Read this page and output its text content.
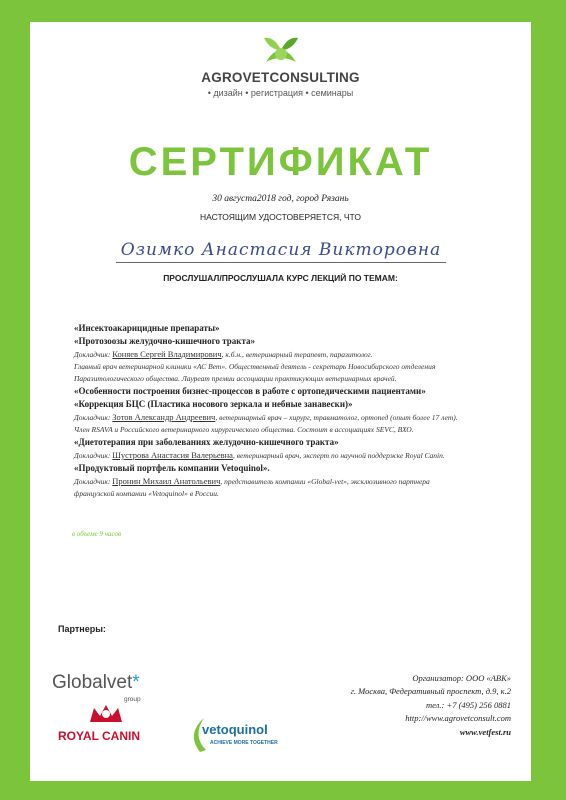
AGROVETCONSULTING
• дизайн • регистрация • семинары
СЕРТИФИКАТ
30 августа2018 год, город Рязань
НАСТОЯЩИМ УДОСТОВЕРЯЕТСЯ, ЧТО
Озимко Анастасия Викторовна
ПРОСЛУШАЛ/ПРОСЛУШАЛА КУРС ЛЕКЦИЙ ПО ТЕМАМ:

«Инсектоакарицидные препараты»

«Протозоозы желудочно-кишечного тракта»

Докладчик: Коняев Сергей Владимирович, к.б.н., ветеринарный терапевт, паразитолог.

Главный врач ветеринарной клиники «АС Вет». Общественный деятель - секретарь Новосибирского отделения

Паразитологического общества. Лауреат премии ассоциации практикующих ветеринарных врачей.

«Особенности построения бизнес-процессов в работе с ортопедическими пациентами»

«Коррекция БЦС (Пластика носового зеркала и небные занавески)»

Докладчик: Зотов Александр Андреевич, ветеринарный врач – хирург, травматолог, ортопед (опыт более 17 лет).

Член RSAVA и Российского ветеринарного хирургического общества. Состоит в ассоциациях SEVC, ВХО.

«Диетотерапия при заболеваниях желудочно-кишечного тракта»

Докладчик: Шустрова Анастасия Валерьевна, ветеринарный врач, эксперт по научной поддержке Royal Canin.

«Продуктовый портфель компании Vetoquinol».

Докладчик: Пронин Михаил Анатольевич, представитель компании «Global-vet», эксклюзивного партнера

французской компании «Vetoquinol» в России.

в объеме 9 часов
Партнеры:
Globalvet*
group
ROYAL CANIN	vetoquinol
ACHIEVE MORE TOGETHER
Организатор: ООО «АВК»
г. Москва, Федеративный проспект, д.9, к.2
тел.: +7 (495) 256 0881
http://www.agrovetconsult.com
www.vetfest.ru
